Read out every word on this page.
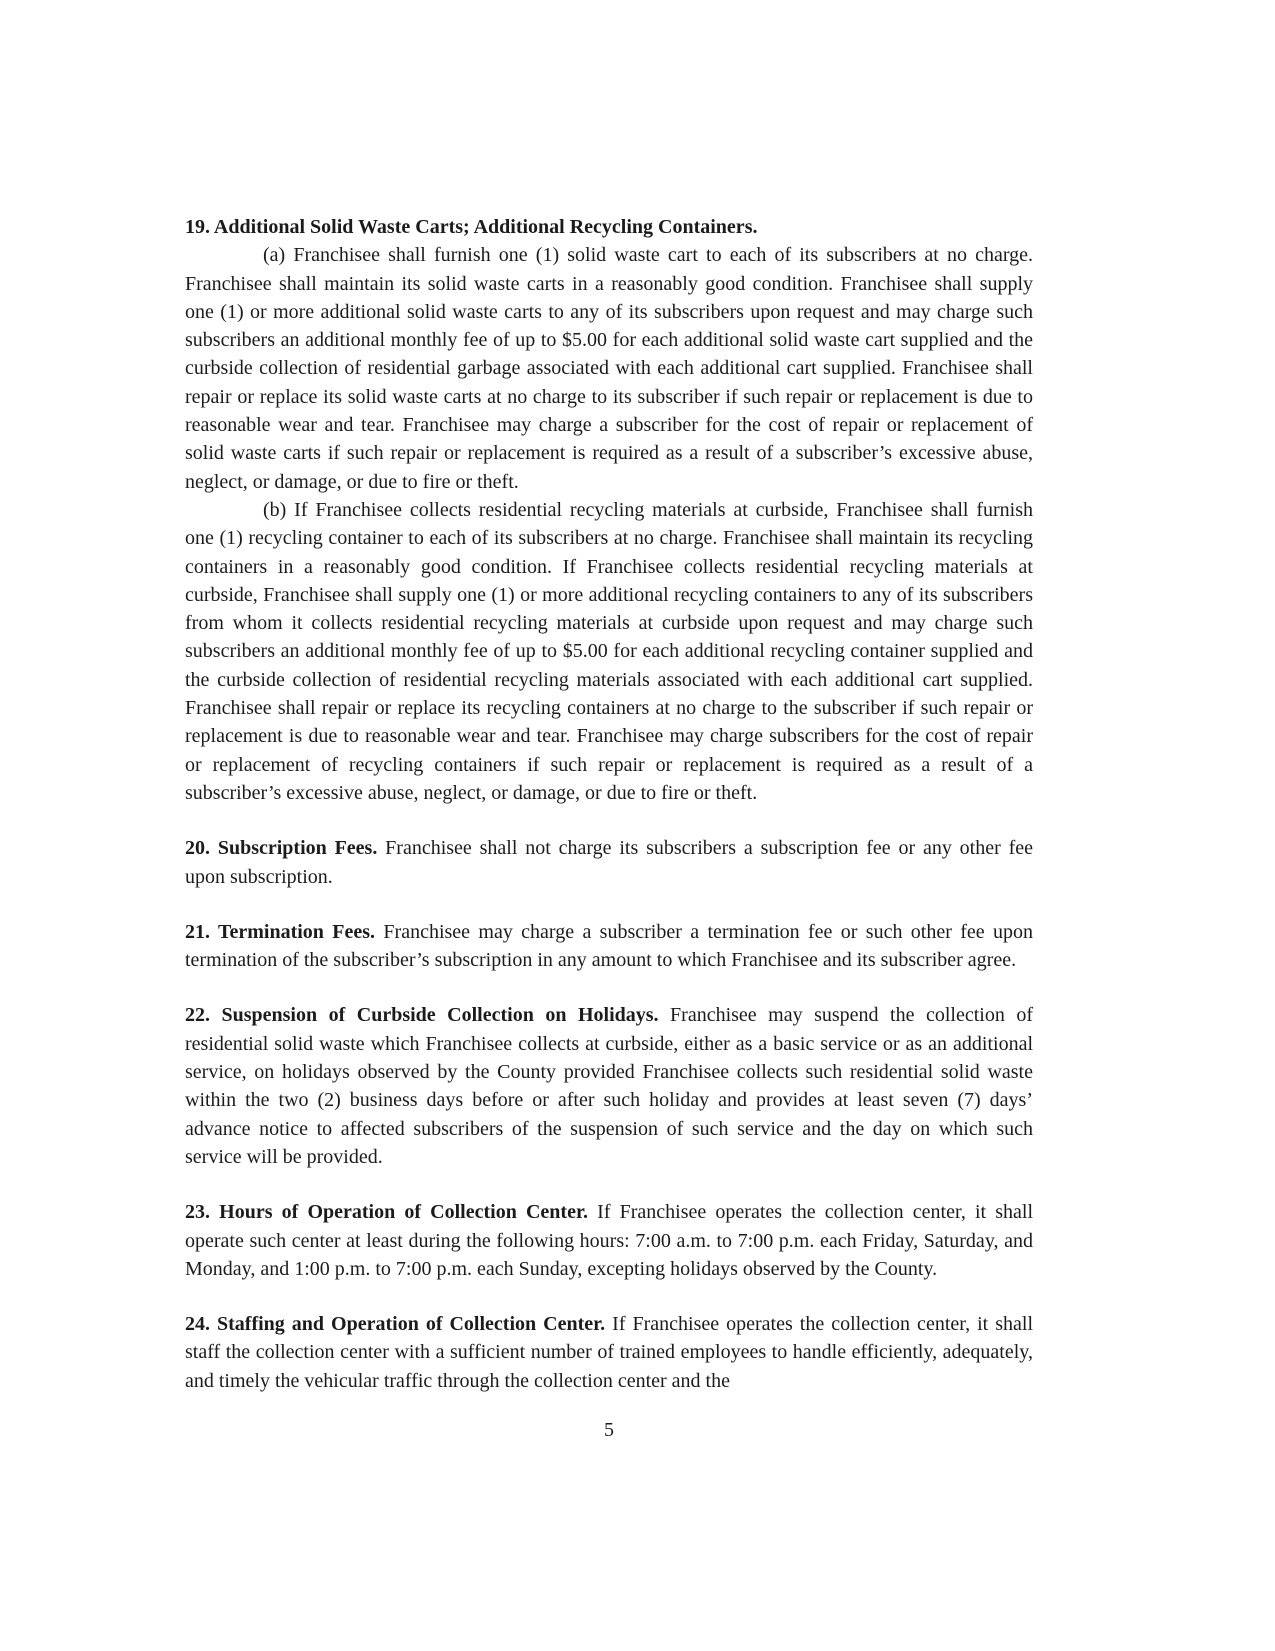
19. Additional Solid Waste Carts; Additional Recycling Containers.

(a) Franchisee shall furnish one (1) solid waste cart to each of its subscribers at no charge. Franchisee shall maintain its solid waste carts in a reasonably good condition. Franchisee shall supply one (1) or more additional solid waste carts to any of its subscribers upon request and may charge such subscribers an additional monthly fee of up to $5.00 for each additional solid waste cart supplied and the curbside collection of residential garbage associated with each additional cart supplied. Franchisee shall repair or replace its solid waste carts at no charge to its subscriber if such repair or replacement is due to reasonable wear and tear. Franchisee may charge a subscriber for the cost of repair or replacement of solid waste carts if such repair or replacement is required as a result of a subscriber’s excessive abuse, neglect, or damage, or due to fire or theft.

(b) If Franchisee collects residential recycling materials at curbside, Franchisee shall furnish one (1) recycling container to each of its subscribers at no charge. Franchisee shall maintain its recycling containers in a reasonably good condition. If Franchisee collects residential recycling materials at curbside, Franchisee shall supply one (1) or more additional recycling containers to any of its subscribers from whom it collects residential recycling materials at curbside upon request and may charge such subscribers an additional monthly fee of up to $5.00 for each additional recycling container supplied and the curbside collection of residential recycling materials associated with each additional cart supplied. Franchisee shall repair or replace its recycling containers at no charge to the subscriber if such repair or replacement is due to reasonable wear and tear. Franchisee may charge subscribers for the cost of repair or replacement of recycling containers if such repair or replacement is required as a result of a subscriber’s excessive abuse, neglect, or damage, or due to fire or theft.

20. Subscription Fees. Franchisee shall not charge its subscribers a subscription fee or any other fee upon subscription.

21. Termination Fees. Franchisee may charge a subscriber a termination fee or such other fee upon termination of the subscriber’s subscription in any amount to which Franchisee and its subscriber agree.

22. Suspension of Curbside Collection on Holidays. Franchisee may suspend the collection of residential solid waste which Franchisee collects at curbside, either as a basic service or as an additional service, on holidays observed by the County provided Franchisee collects such residential solid waste within the two (2) business days before or after such holiday and provides at least seven (7) days’ advance notice to affected subscribers of the suspension of such service and the day on which such service will be provided.

23. Hours of Operation of Collection Center. If Franchisee operates the collection center, it shall operate such center at least during the following hours: 7:00 a.m. to 7:00 p.m. each Friday, Saturday, and Monday, and 1:00 p.m. to 7:00 p.m. each Sunday, excepting holidays observed by the County.

24. Staffing and Operation of Collection Center. If Franchisee operates the collection center, it shall staff the collection center with a sufficient number of trained employees to handle efficiently, adequately, and timely the vehicular traffic through the collection center and the

5
